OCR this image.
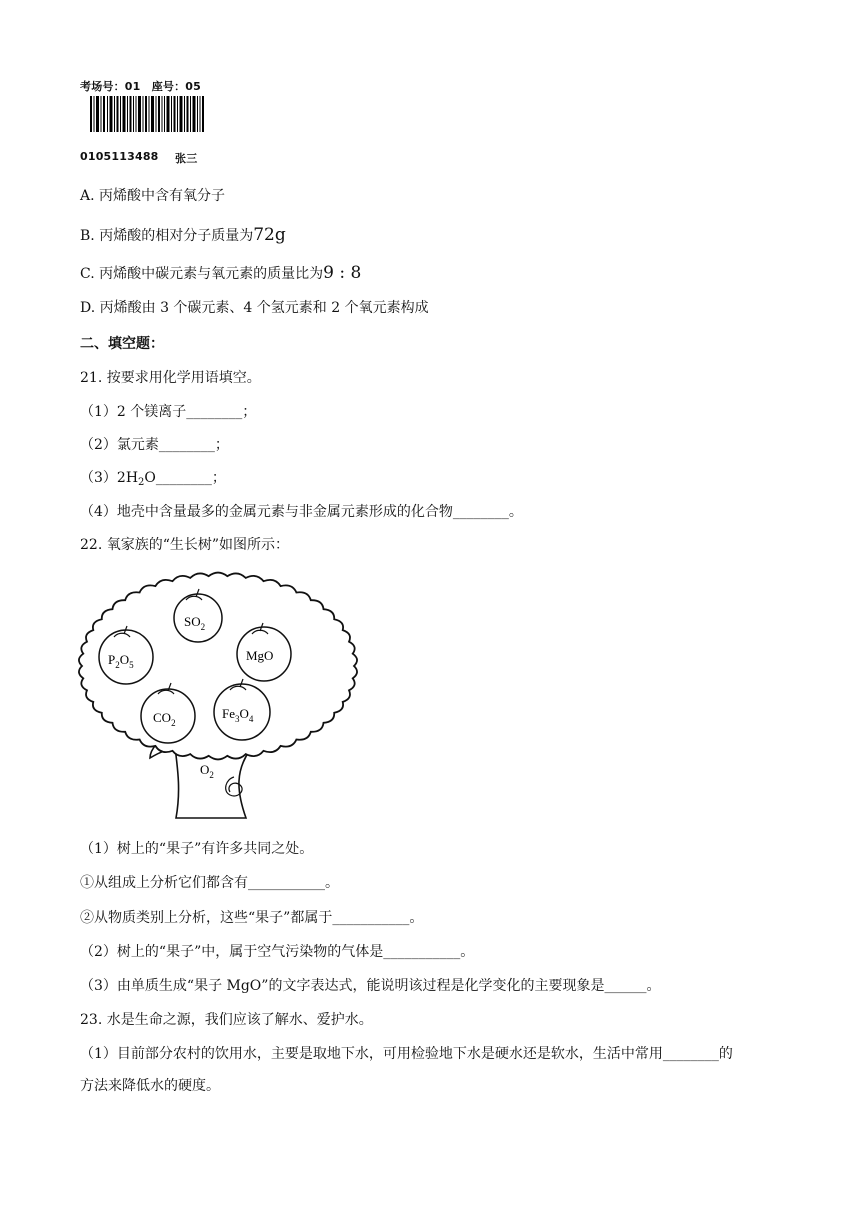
考场号：01　座号：05
0105113488 张三
A. 丙烯酸中含有氧分子
B. 丙烯酸的相对分子质量为72g
C. 丙烯酸中碳元素与氧元素的质量比为9 : 8
D. 丙烯酸由 3 个碳元素、4 个氢元素和 2 个氧元素构成
二、填空题：
21. 按要求用化学用语填空。
（1）2 个镁离子________；
（2）氯元素________；
$(3)2H_2O\_\_\_\_\_\_\_\_$；
（4）地壳中含量最多的金属元素与非金属元素形成的化合物________。
22. 氧家族的“生长树”如图所示：
$SO_2$
MgO
$P_2O_5$
$CO_2$
$Fe_3O_4$
$O_2$
（1）树上的“果子”有许多共同之处。
①从组成上分析它们都含有___________。
②从物质类别上分析，这些“果子”都属于___________。
（2）树上的“果子”中，属于空气污染物的气体是___________。
（3）由单质生成“果子 MgO”的文字表达式，能说明该过程是化学变化的主要现象是______。
23. 水是生命之源，我们应该了解水、爱护水。
（1）目前部分农村的饮用水，主要是取地下水，可用检验地下水是硬水还是软水，生活中常用________的
方法来降低水的硬度。
